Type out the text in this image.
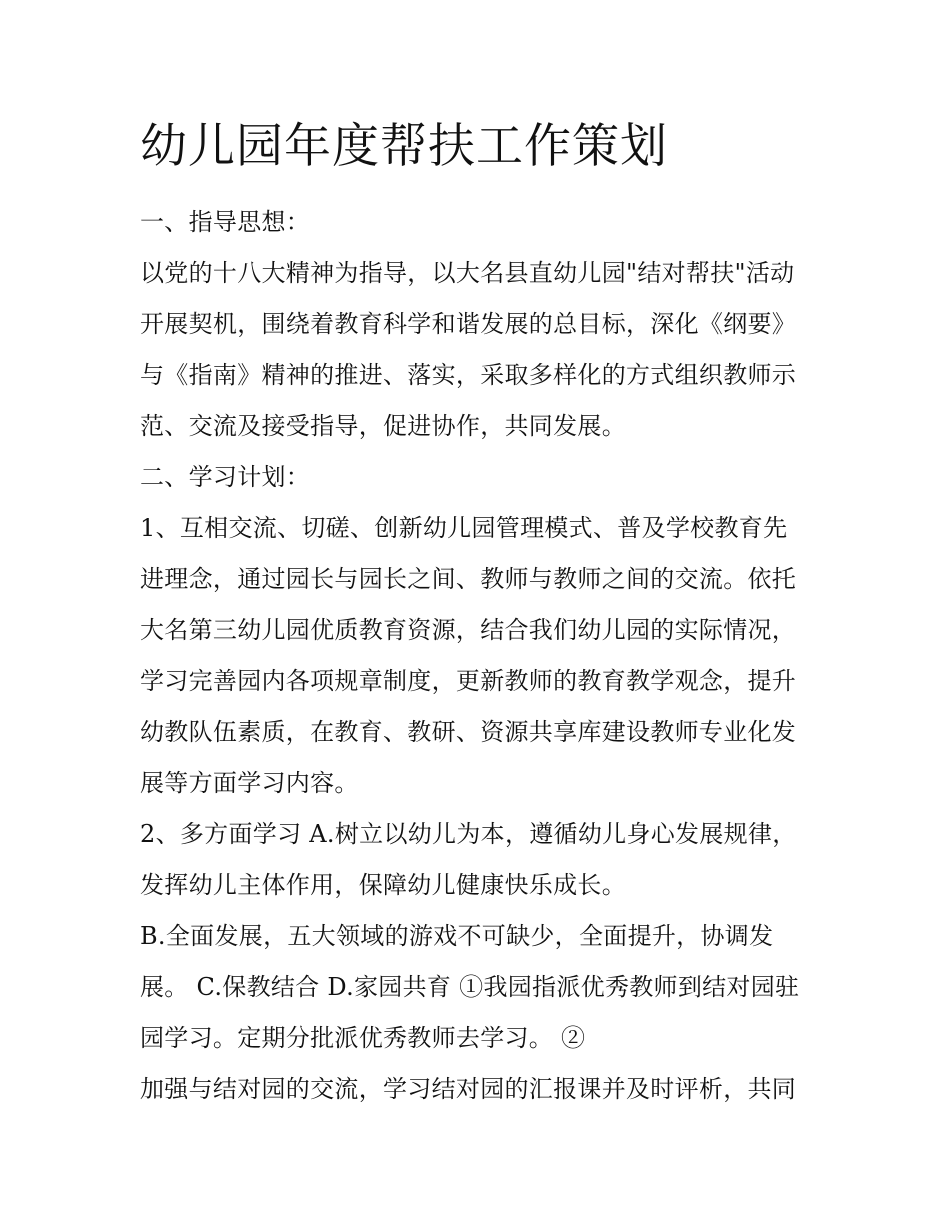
幼儿园年度帮扶工作策划
一、指导思想：
以党的十八大精神为指导，以大名县直幼儿园"结对帮扶"活动
开展契机，围绕着教育科学和谐发展的总目标，深化《纲要》
与《指南》精神的推进、落实，采取多样化的方式组织教师示
范、交流及接受指导，促进协作，共同发展。
二、学习计划：
1、互相交流、切磋、创新幼儿园管理模式、普及学校教育先
进理念，通过园长与园长之间、教师与教师之间的交流。依托
大名第三幼儿园优质教育资源，结合我们幼儿园的实际情况，
学习完善园内各项规章制度，更新教师的教育教学观念，提升
幼教队伍素质，在教育、教研、资源共享库建设教师专业化发
展等方面学习内容。
2、多方面学习 A.树立以幼儿为本，遵循幼儿身心发展规律，
发挥幼儿主体作用，保障幼儿健康快乐成长。
B.全面发展，五大领域的游戏不可缺少，全面提升，协调发
展。 C.保教结合 D.家园共育 ①我园指派优秀教师到结对园驻
园学习。定期分批派优秀教师去学习。 ②
加强与结对园的交流，学习结对园的汇报课并及时评析，共同
